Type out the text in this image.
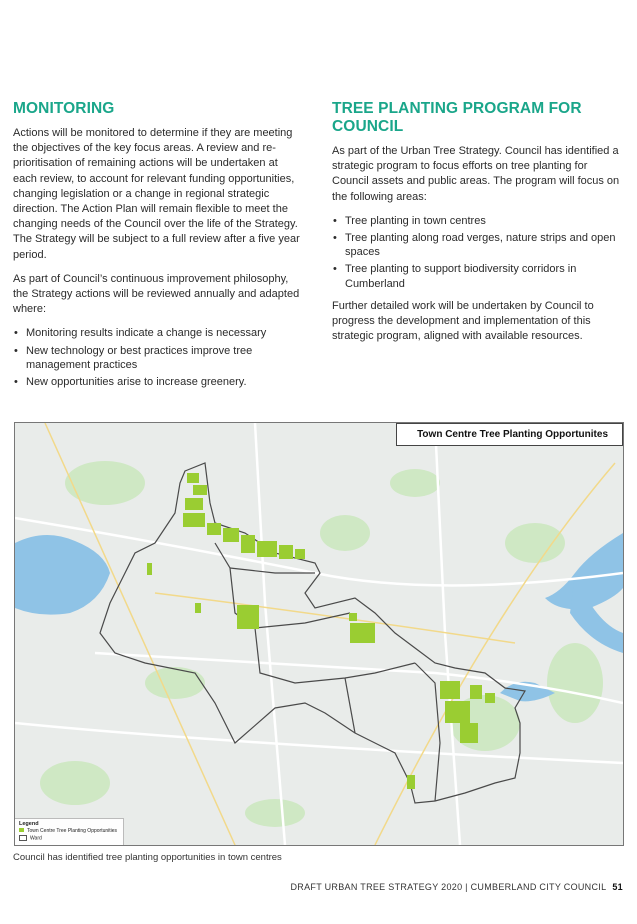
MONITORING

Actions will be monitored to determine if they are meeting the objectives of the key focus areas. A review and re-prioritisation of remaining actions will be undertaken at each review, to account for relevant funding opportunities, changing legislation or a change in regional strategic direction. The Action Plan will remain flexible to meet the changing needs of the Council over the life of the Strategy. The Strategy will be subject to a full review after a five year period.

As part of Council’s continuous improvement philosophy, the Strategy actions will be reviewed annually and adapted where:

• Monitoring results indicate a change is necessary
• New technology or best practices improve tree management practices
• New opportunities arise to increase greenery.
TREE PLANTING PROGRAM FOR COUNCIL

As part of the Urban Tree Strategy. Council has identified a strategic program to focus efforts on tree planting for Council assets and public areas. The program will focus on the following areas:

• Tree planting in town centres
• Tree planting along road verges, nature strips and open spaces
• Tree planting to support biodiversity corridors in Cumberland

Further detailed work will be undertaken by Council to progress the development and implementation of this strategic program, aligned with available resources.

Town Centre Tree Planting Opportunites
Legend
Town Centre Tree Planting Opportunities
Ward
Council has identified tree planting opportunities in town centres
DRAFT URBAN TREE STRATEGY 2020 | CUMBERLAND CITY COUNCIL 51
